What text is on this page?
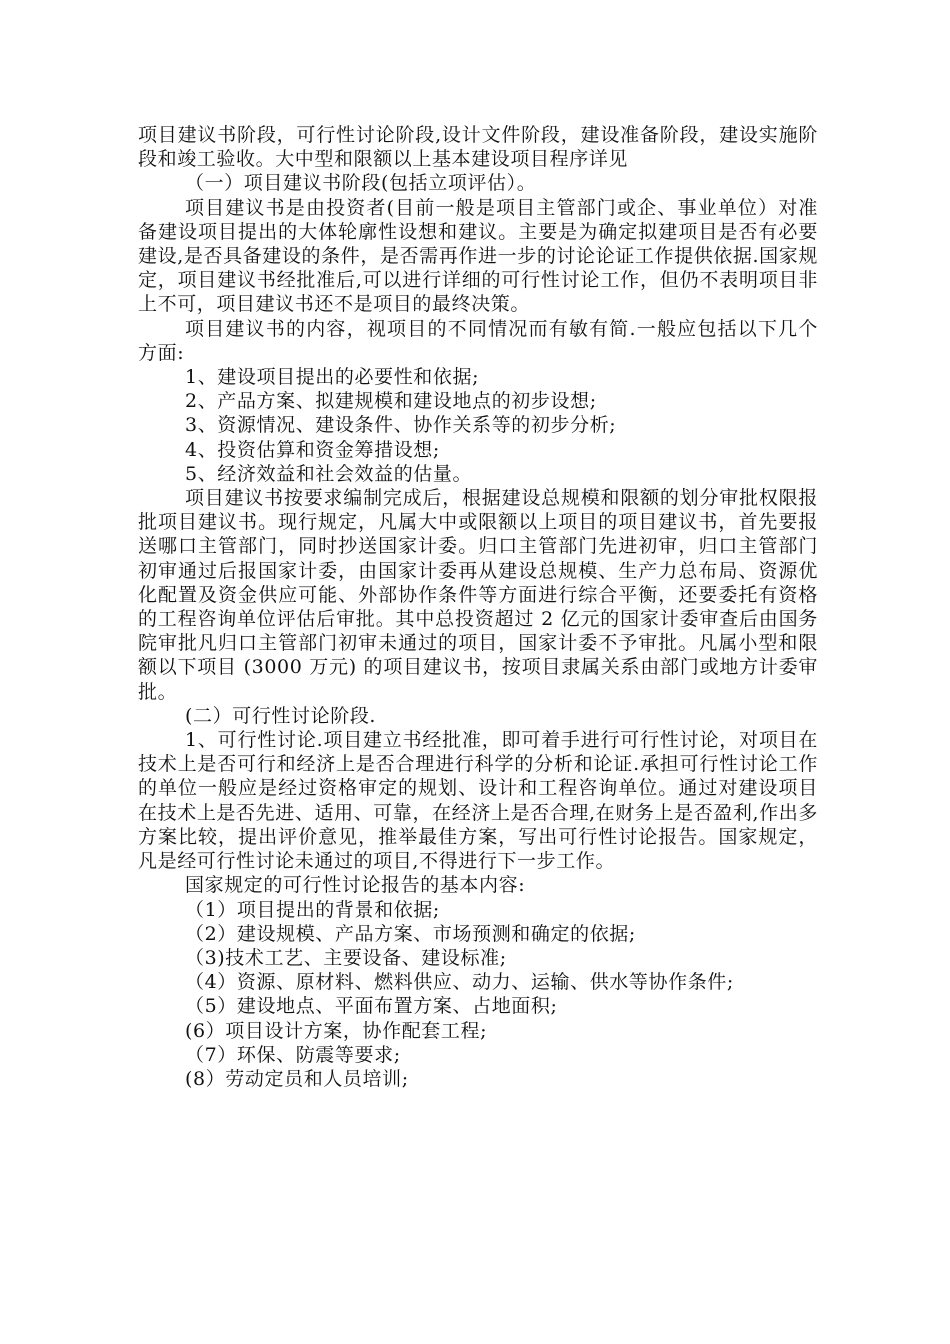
项目建议书阶段，可行性讨论阶段,设计文件阶段，建设准备阶段，建设实施阶段和竣工验收。大中型和限额以上基本建设项目程序详见

（一）项目建议书阶段(包括立项评估）。

项目建议书是由投资者(目前一般是项目主管部门或企、事业单位）对准备建设项目提出的大体轮廓性设想和建议。主要是为确定拟建项目是否有必要建设,是否具备建设的条件，是否需再作进一步的讨论论证工作提供依据.国家规定，项目建议书经批准后,可以进行详细的可行性讨论工作，但仍不表明项目非上不可，项目建议书还不是项目的最终决策。

项目建议书的内容，视项目的不同情况而有敏有简.一般应包括以下几个方面:

1、建设项目提出的必要性和依据;

2、产品方案、拟建规模和建设地点的初步设想;

3、资源情况、建设条件、协作关系等的初步分析;

4、投资估算和资金筹措设想;

5、经济效益和社会效益的估量。

项目建议书按要求编制完成后，根据建设总规模和限额的划分审批权限报批项目建议书。现行规定，凡属大中或限额以上项目的项目建议书，首先要报送哪口主管部门，同时抄送国家计委。归口主管部门先进初审，归口主管部门初审通过后报国家计委，由国家计委再从建设总规模、生产力总布局、资源优化配置及资金供应可能、外部协作条件等方面进行综合平衡，还要委托有资格的工程咨询单位评估后审批。其中总投资超过 2 亿元的国家计委审查后由国务院审批凡归口主管部门初审未通过的项目，国家计委不予审批。凡属小型和限额以下项目 (3000 万元) 的项目建议书，按项目隶属关系由部门或地方计委审批。

(二）可行性讨论阶段.

1、可行性讨论.项目建立书经批准，即可着手进行可行性讨论，对项目在技术上是否可行和经济上是否合理进行科学的分析和论证.承担可行性讨论工作的单位一般应是经过资格审定的规划、设计和工程咨询单位。通过对建设项目在技术上是否先进、适用、可靠，在经济上是否合理,在财务上是否盈利,作出多方案比较，提出评价意见，推举最佳方案，写出可行性讨论报告。国家规定，凡是经可行性讨论未通过的项目,不得进行下一步工作。

国家规定的可行性讨论报告的基本内容:

（1）项目提出的背景和依据;

（2）建设规模、产品方案、市场预测和确定的依据;

（3)技术工艺、主要设备、建设标准;

（4）资源、原材料、燃料供应、动力、运输、供水等协作条件;

（5）建设地点、平面布置方案、占地面积;

(6）项目设计方案，协作配套工程;

（7）环保、防震等要求;

(8）劳动定员和人员培训;
